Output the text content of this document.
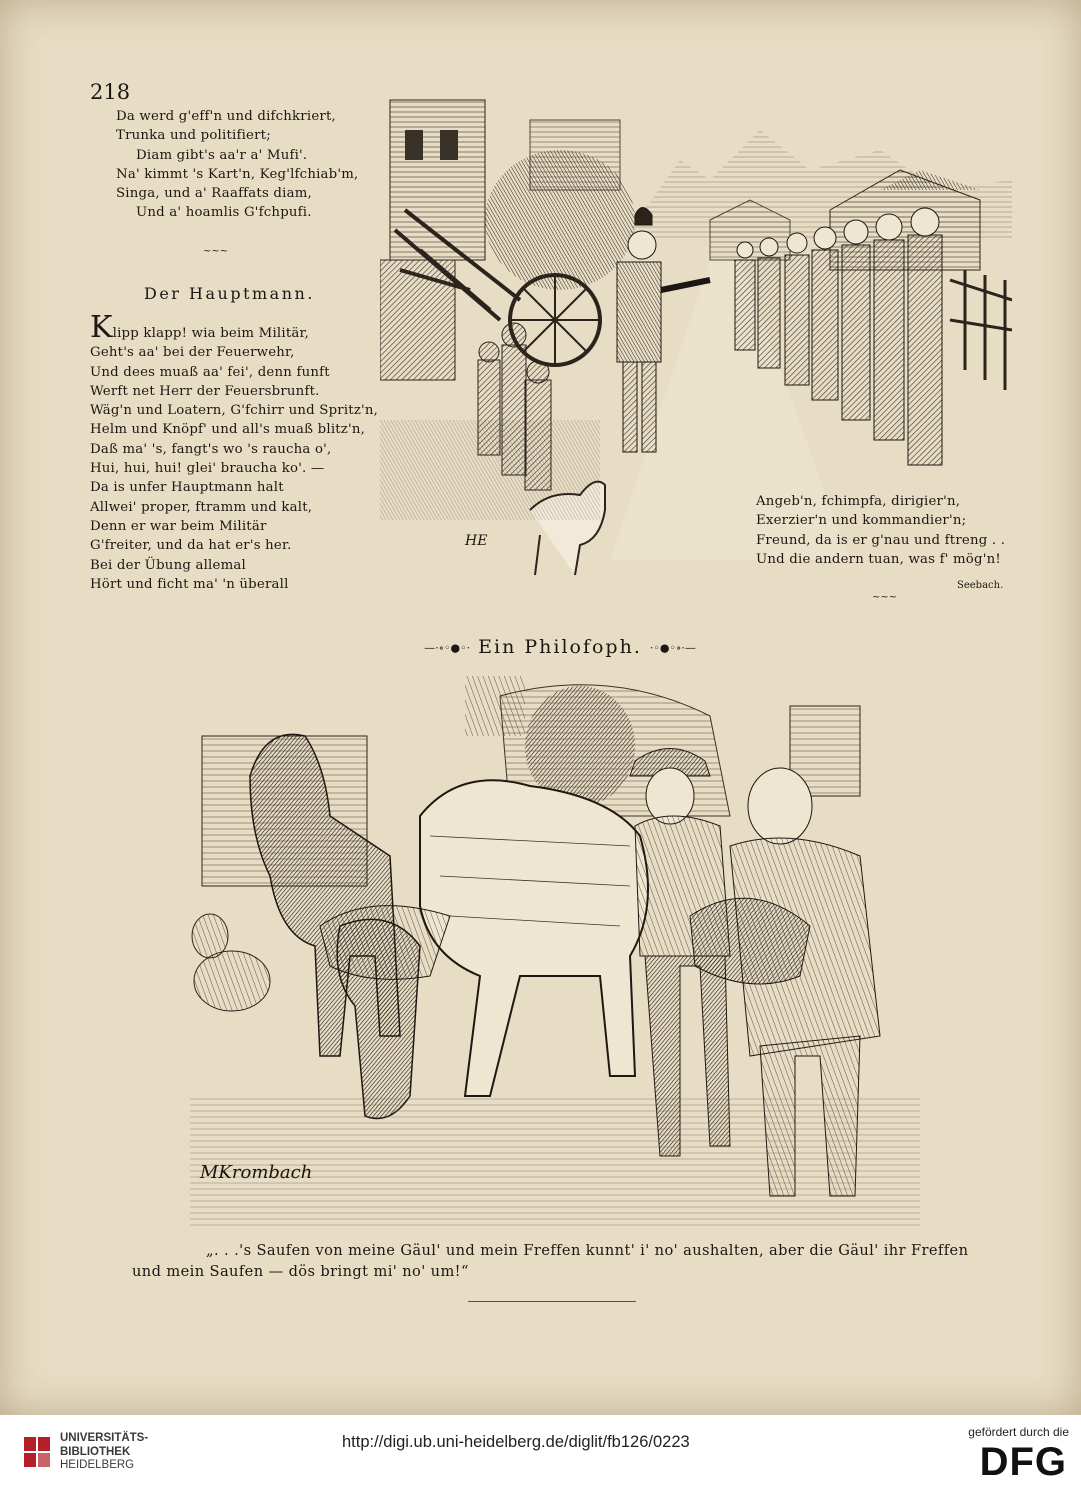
218
Da werd g'eff'n und difchkriert,
Trunka und politifiert;
Diam gibt's aa'r a' Mufi'.
Na' kimmt 's Kart'n, Keg'lfchiab'm,
Singa, und a' Raaffats diam,
Und a' hoamlis G'fchpufi.
~~~
Der Hauptmann.
Klipp klapp! wia beim Militär,
Geht's aa' bei der Feuerwehr,
Und dees muaß aa' fei', denn funft
Werft net Herr der Feuersbrunft.
Wäg'n und Loatern, G'fchirr und Spritz'n,
Helm und Knöpf' und all's muaß blitz'n,
Daß ma' 's, fangt's wo 's raucha o',
Hui, hui, hui! glei' braucha ko'. —
Da is unfer Hauptmann halt
Allwei' proper, ftramm und kalt,
Denn er war beim Militär
G'freiter, und da hat er's her.
Bei der Übung allemal
Hört und ficht ma' 'n überall
HE
Angeb'n, fchimpfa, dirigier'n,
Exerzier'n und kommandier'n;
Freund, da is er g'nau und ftreng . .
Und die andern tuan, was f' mög'n!
Seebach.
~~~
—·∘◦●◦· Ein Philofoph. ·◦●◦∘·—
MKrombach
„. . .'s Saufen von meine Gäul' und mein Freffen kunnt' i' no' aushalten, aber die Gäul' ihr Freffen
und mein Saufen — dös bringt mi' no' um!“
UNIVERSITÄTS-
BIBLIOTHEK
HEIDELBERG
http://digi.ub.uni-heidelberg.de/diglit/fb126/0223
gefördert durch die
DFG
